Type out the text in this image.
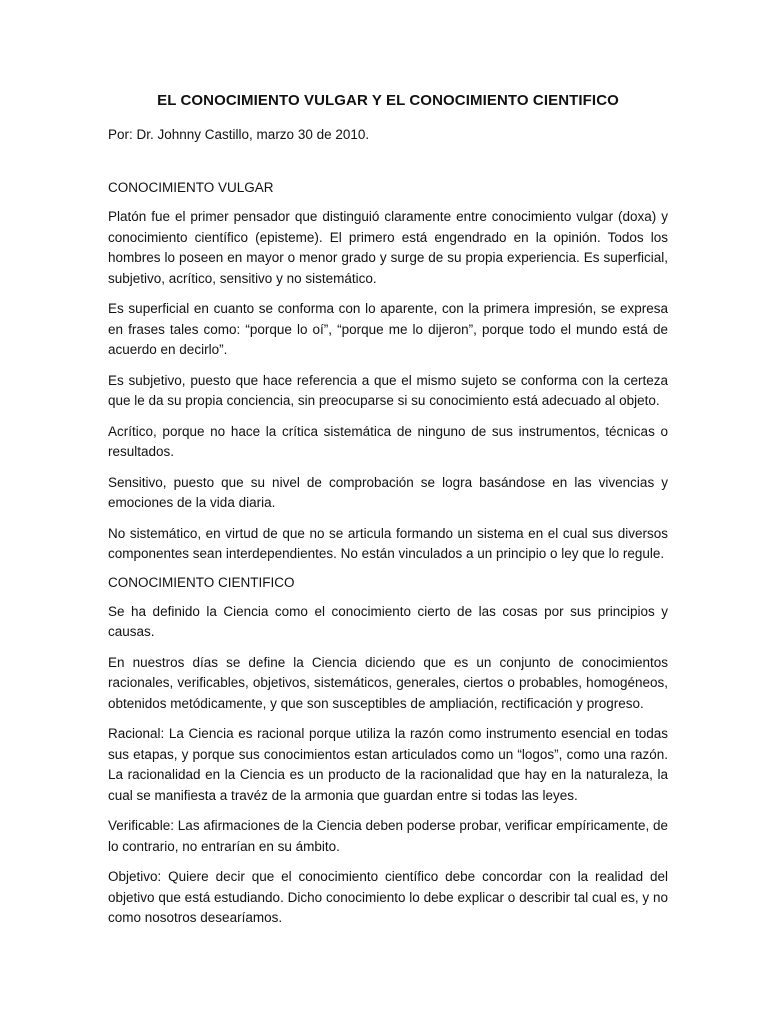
EL CONOCIMIENTO VULGAR Y EL CONOCIMIENTO CIENTIFICO

Por: Dr. Johnny Castillo, marzo 30 de 2010.

CONOCIMIENTO VULGAR

Platón fue el primer pensador que distinguió claramente entre conocimiento vulgar (doxa) y conocimiento científico (episteme). El primero está engendrado en la opinión. Todos los hombres lo poseen en mayor o menor grado y surge de su propia experiencia. Es superficial, subjetivo, acrítico, sensitivo y no sistemático.

Es superficial en cuanto se conforma con lo aparente, con la primera impresión, se expresa en frases tales como: “porque lo oí”, “porque me lo dijeron”, porque todo el mundo está de acuerdo en decirlo”.

Es subjetivo, puesto que hace referencia a que el mismo sujeto se conforma con la certeza que le da su propia conciencia, sin preocuparse si su conocimiento está adecuado al objeto.

Acrítico, porque no hace la crítica sistemática de ninguno de sus instrumentos, técnicas o resultados.

Sensitivo, puesto que su nivel de comprobación se logra basándose en las vivencias y emociones de la vida diaria.

No sistemático, en virtud de que no se articula formando un sistema en el cual sus diversos componentes sean interdependientes. No están vinculados a un principio o ley que lo regule.

CONOCIMIENTO CIENTIFICO

Se ha definido la Ciencia como el conocimiento cierto de las cosas por sus principios y causas.

En nuestros días se define la Ciencia diciendo que es un conjunto de conocimientos racionales, verificables, objetivos, sistemáticos, generales, ciertos o probables, homogéneos, obtenidos metódicamente, y que son susceptibles de ampliación, rectificación y progreso.

Racional: La Ciencia es racional porque utiliza la razón como instrumento esencial en todas sus etapas, y porque sus conocimientos estan articulados como un “logos”, como una razón. La racionalidad en la Ciencia es un producto de la racionalidad que hay en la naturaleza, la cual se manifiesta a travéz de la armonia que guardan entre si todas las leyes.

Verificable: Las afirmaciones de la Ciencia deben poderse probar, verificar empíricamente, de lo contrario, no entrarían en su ámbito.

Objetivo: Quiere decir que el conocimiento científico debe concordar con la realidad del objetivo que está estudiando. Dicho conocimiento lo debe explicar o describir tal cual es, y no como nosotros desearíamos.
